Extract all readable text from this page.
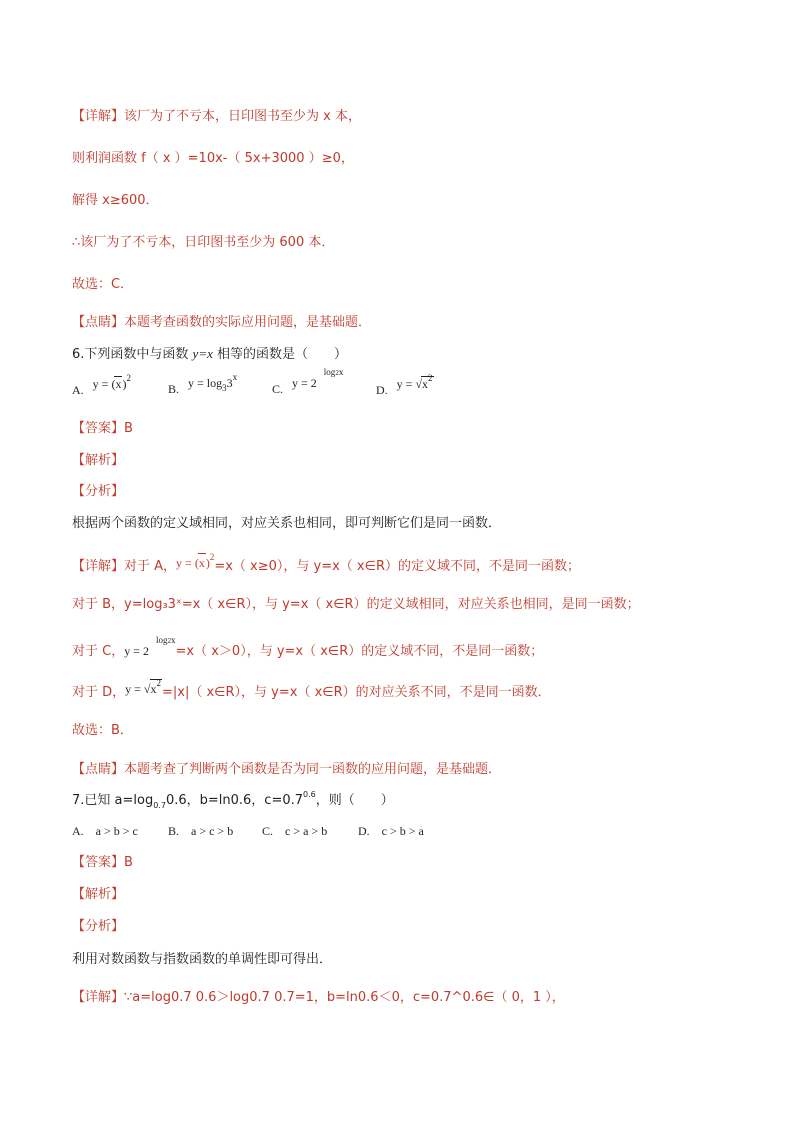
【详解】该厂为了不亏本，日印图书至少为 x 本，
则利润函数 f（ x ）=10x-（ 5x+3000 ）≥0，
解得 x≥600．
∴该厂为了不亏本，日印图书至少为 600 本．
故选：C．
【点睛】本题考查函数的实际应用问题，是基础题．
6.下列函数中与函数 y=x 相等的函数是（　　）
A. $y = (x)^2$
B. $y = \log_33^x$
C. y = 2 $^{log2x}$
D. $y = √x^2$
【答案】B
【解析】
【分析】
根据两个函数的定义域相同，对应关系也相同，即可判断它们是同一函数．
【详解】对于 A，$y = (x)^2=x$（ x≥0），与 y=x（ x∈R）的定义域不同，不是同一函数；
对于 B，y=log₃3ˣ=x（ x∈R），与 y=x（ x∈R）的定义域相同，对应关系也相同，是同一函数；
对于 C，y = 2 $^{log2x}$=x（ x＞0），与 y=x（ x∈R）的定义域不同，不是同一函数；
对于 D，$y = √x^2=|x|$（ x∈R），与 y=x（ x∈R）的对应关系不同，不是同一函数．
故选：B．
【点睛】本题考查了判断两个函数是否为同一函数的应用问题，是基础题．
7.已知 $a=\log_{0.7}0.6$，b=ln0.6，$c=0.7^{0.6}$，则（　　）
A.　a > b > c	B.　a > c > b C.　c > a > b	D.　c > b > a
【答案】B
【解析】
【分析】
利用对数函数与指数函数的单调性即可得出．
【详解】∵a=log0.7 0.6＞log0.7 0.7=1，b=ln0.6＜0，c=0.7^0.6∈（ 0，1 ），
